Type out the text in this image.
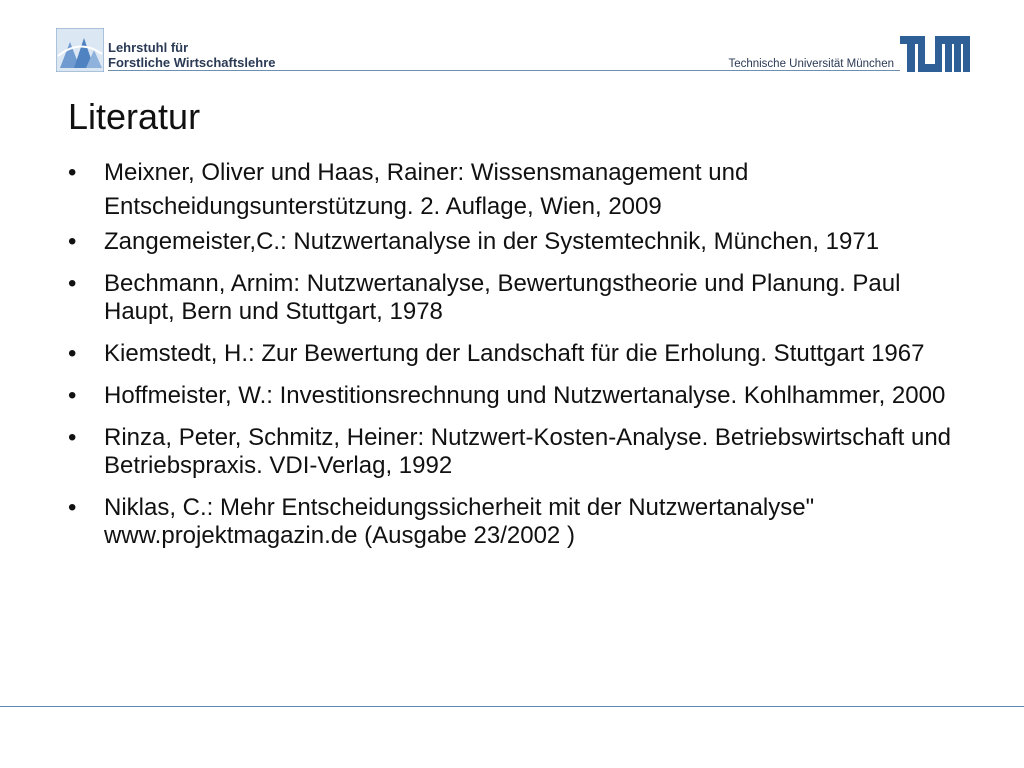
Lehrstuhl für
Forstliche Wirtschaftslehre	Technische Universität München
Literatur
•	Meixner, Oliver und Haas, Rainer: Wissensmanagement und Entscheidungsunterstützung. 2. Auflage, Wien, 2009
•	Zangemeister,C.: Nutzwertanalyse in der Systemtechnik, München, 1971
•	Bechmann, Arnim: Nutzwertanalyse, Bewertungstheorie und Planung. Paul Haupt, Bern und Stuttgart, 1978
•	Kiemstedt, H.: Zur Bewertung der Landschaft für die Erholung. Stuttgart 1967
•	Hoffmeister, W.: Investitionsrechnung und Nutzwertanalyse. Kohlhammer, 2000
•	Rinza, Peter, Schmitz, Heiner: Nutzwert-Kosten-Analyse. Betriebswirtschaft und Betriebspraxis. VDI-Verlag, 1992
•	Niklas, C.: Mehr Entscheidungssicherheit mit der Nutzwertanalyse" www.projektmagazin.de (Ausgabe 23/2002 )
